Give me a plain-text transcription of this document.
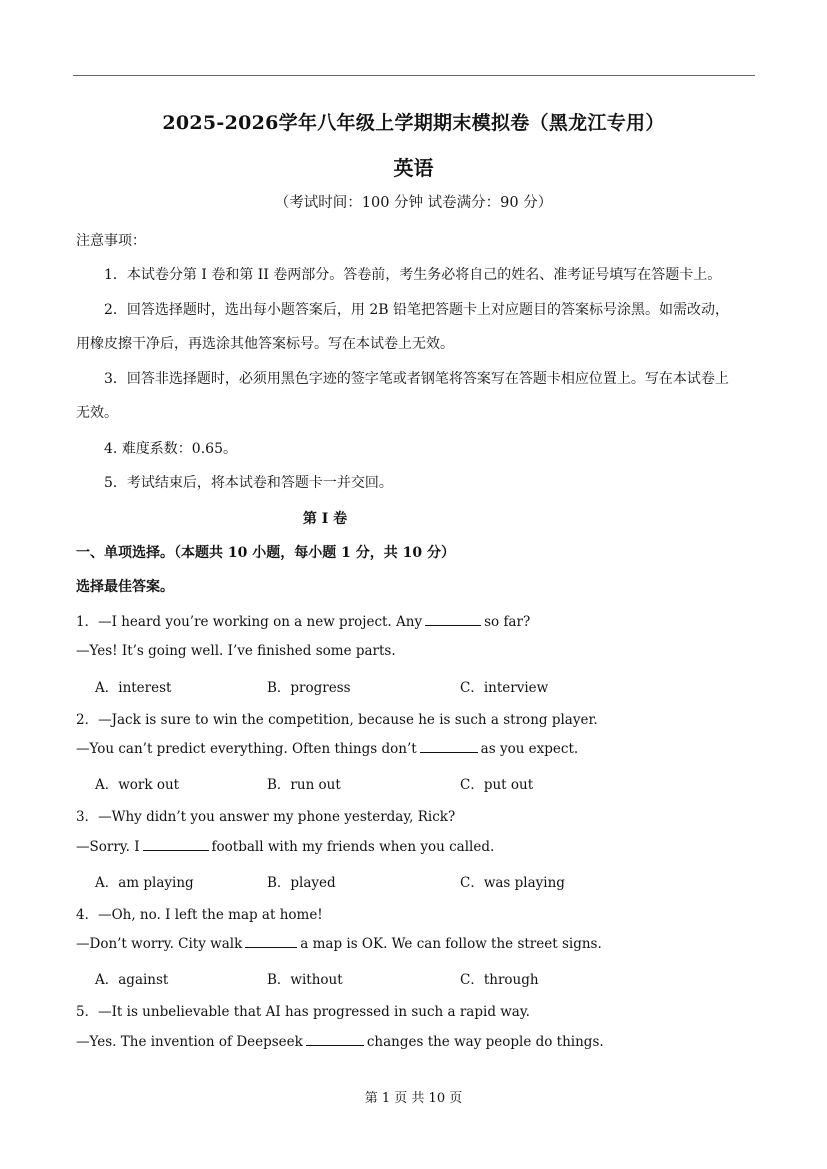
2025-2026学年八年级上学期期末模拟卷（黑龙江专用）
英语
（考试时间：100 分钟 试卷满分：90 分）
注意事项：
1．本试卷分第 I 卷和第 II 卷两部分。答卷前，考生务必将自己的姓名、准考证号填写在答题卡上。
2．回答选择题时，选出每小题答案后，用 2B 铅笔把答题卡上对应题目的答案标号涂黑。如需改动，
用橡皮擦干净后，再选涂其他答案标号。写在本试卷上无效。
3．回答非选择题时，必须用黑色字迹的签字笔或者钢笔将答案写在答题卡相应位置上。写在本试卷上
无效。
4. 难度系数：0.65。
5．考试结束后，将本试卷和答题卡一并交回。
第 I 卷
一、单项选择。（本题共 10 小题，每小题 1 分，共 10 分）
选择最佳答案。
1．—I heard you’re working on a new project. Any	so far?
—Yes! It’s going well. I’ve finished some parts.
A．interest	B．progress	C．interview
2．—Jack is sure to win the competition, because he is such a strong player.
—You can’t predict everything. Often things don’t	as you expect.
A．work out	B．run out	C．put out
3．—Why didn’t you answer my phone yesterday, Rick?
—Sorry. I	football with my friends when you called.
A．am playing	B．played	C．was playing
4．—Oh, no. I left the map at home!
—Don’t worry. City walk	a map is OK. We can follow the street signs.
A．against	B．without	C．through
5．—It is unbelievable that AI has progressed in such a rapid way.
—Yes. The invention of Deepseek	changes the way people do things.
第 1 页 共 10 页
